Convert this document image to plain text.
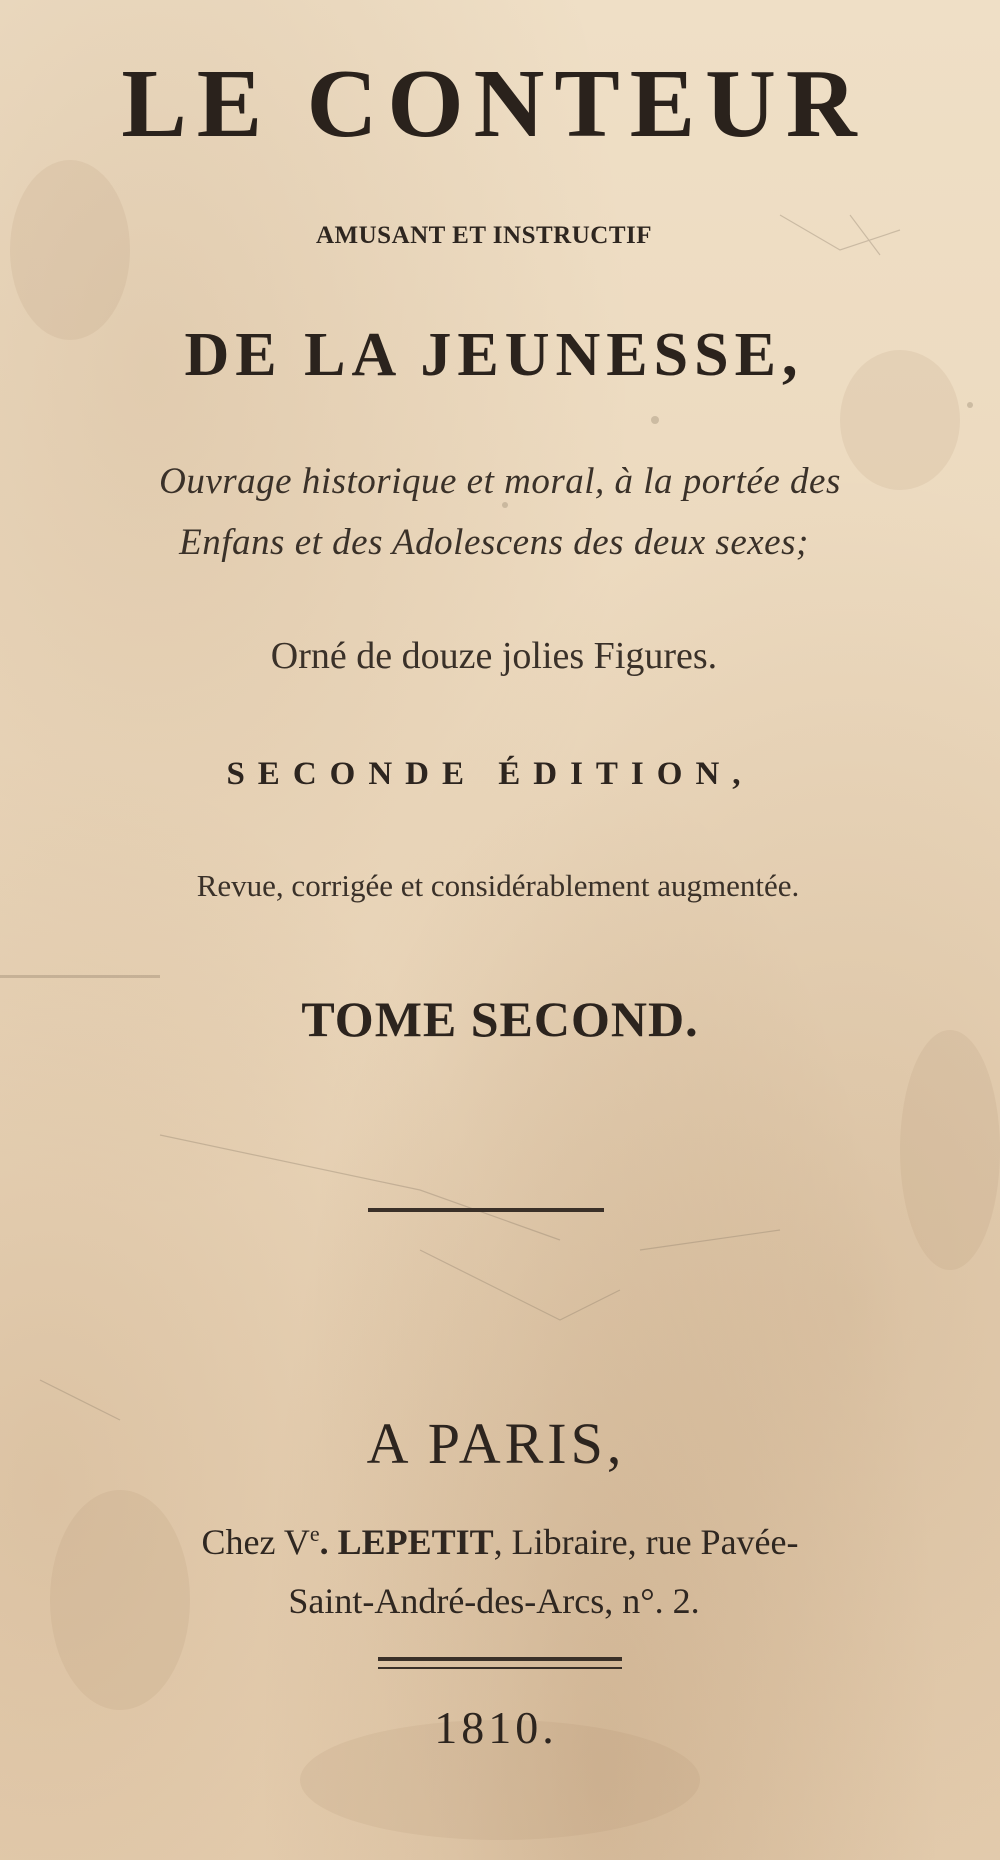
LE CONTEUR
AMUSANT ET INSTRUCTIF
DE LA JEUNESSE,
Ouvrage historique et moral, à la portée des
Enfans et des Adolescens des deux sexes;
Orné de douze jolies Figures.
SECONDE ÉDITION,
Revue, corrigée et considérablement augmentée.
TOME SECOND.
A PARIS,
Chez Ve. LEPETIT, Libraire, rue Pavée-
Saint-André-des-Arcs, n°. 2.
1810.
